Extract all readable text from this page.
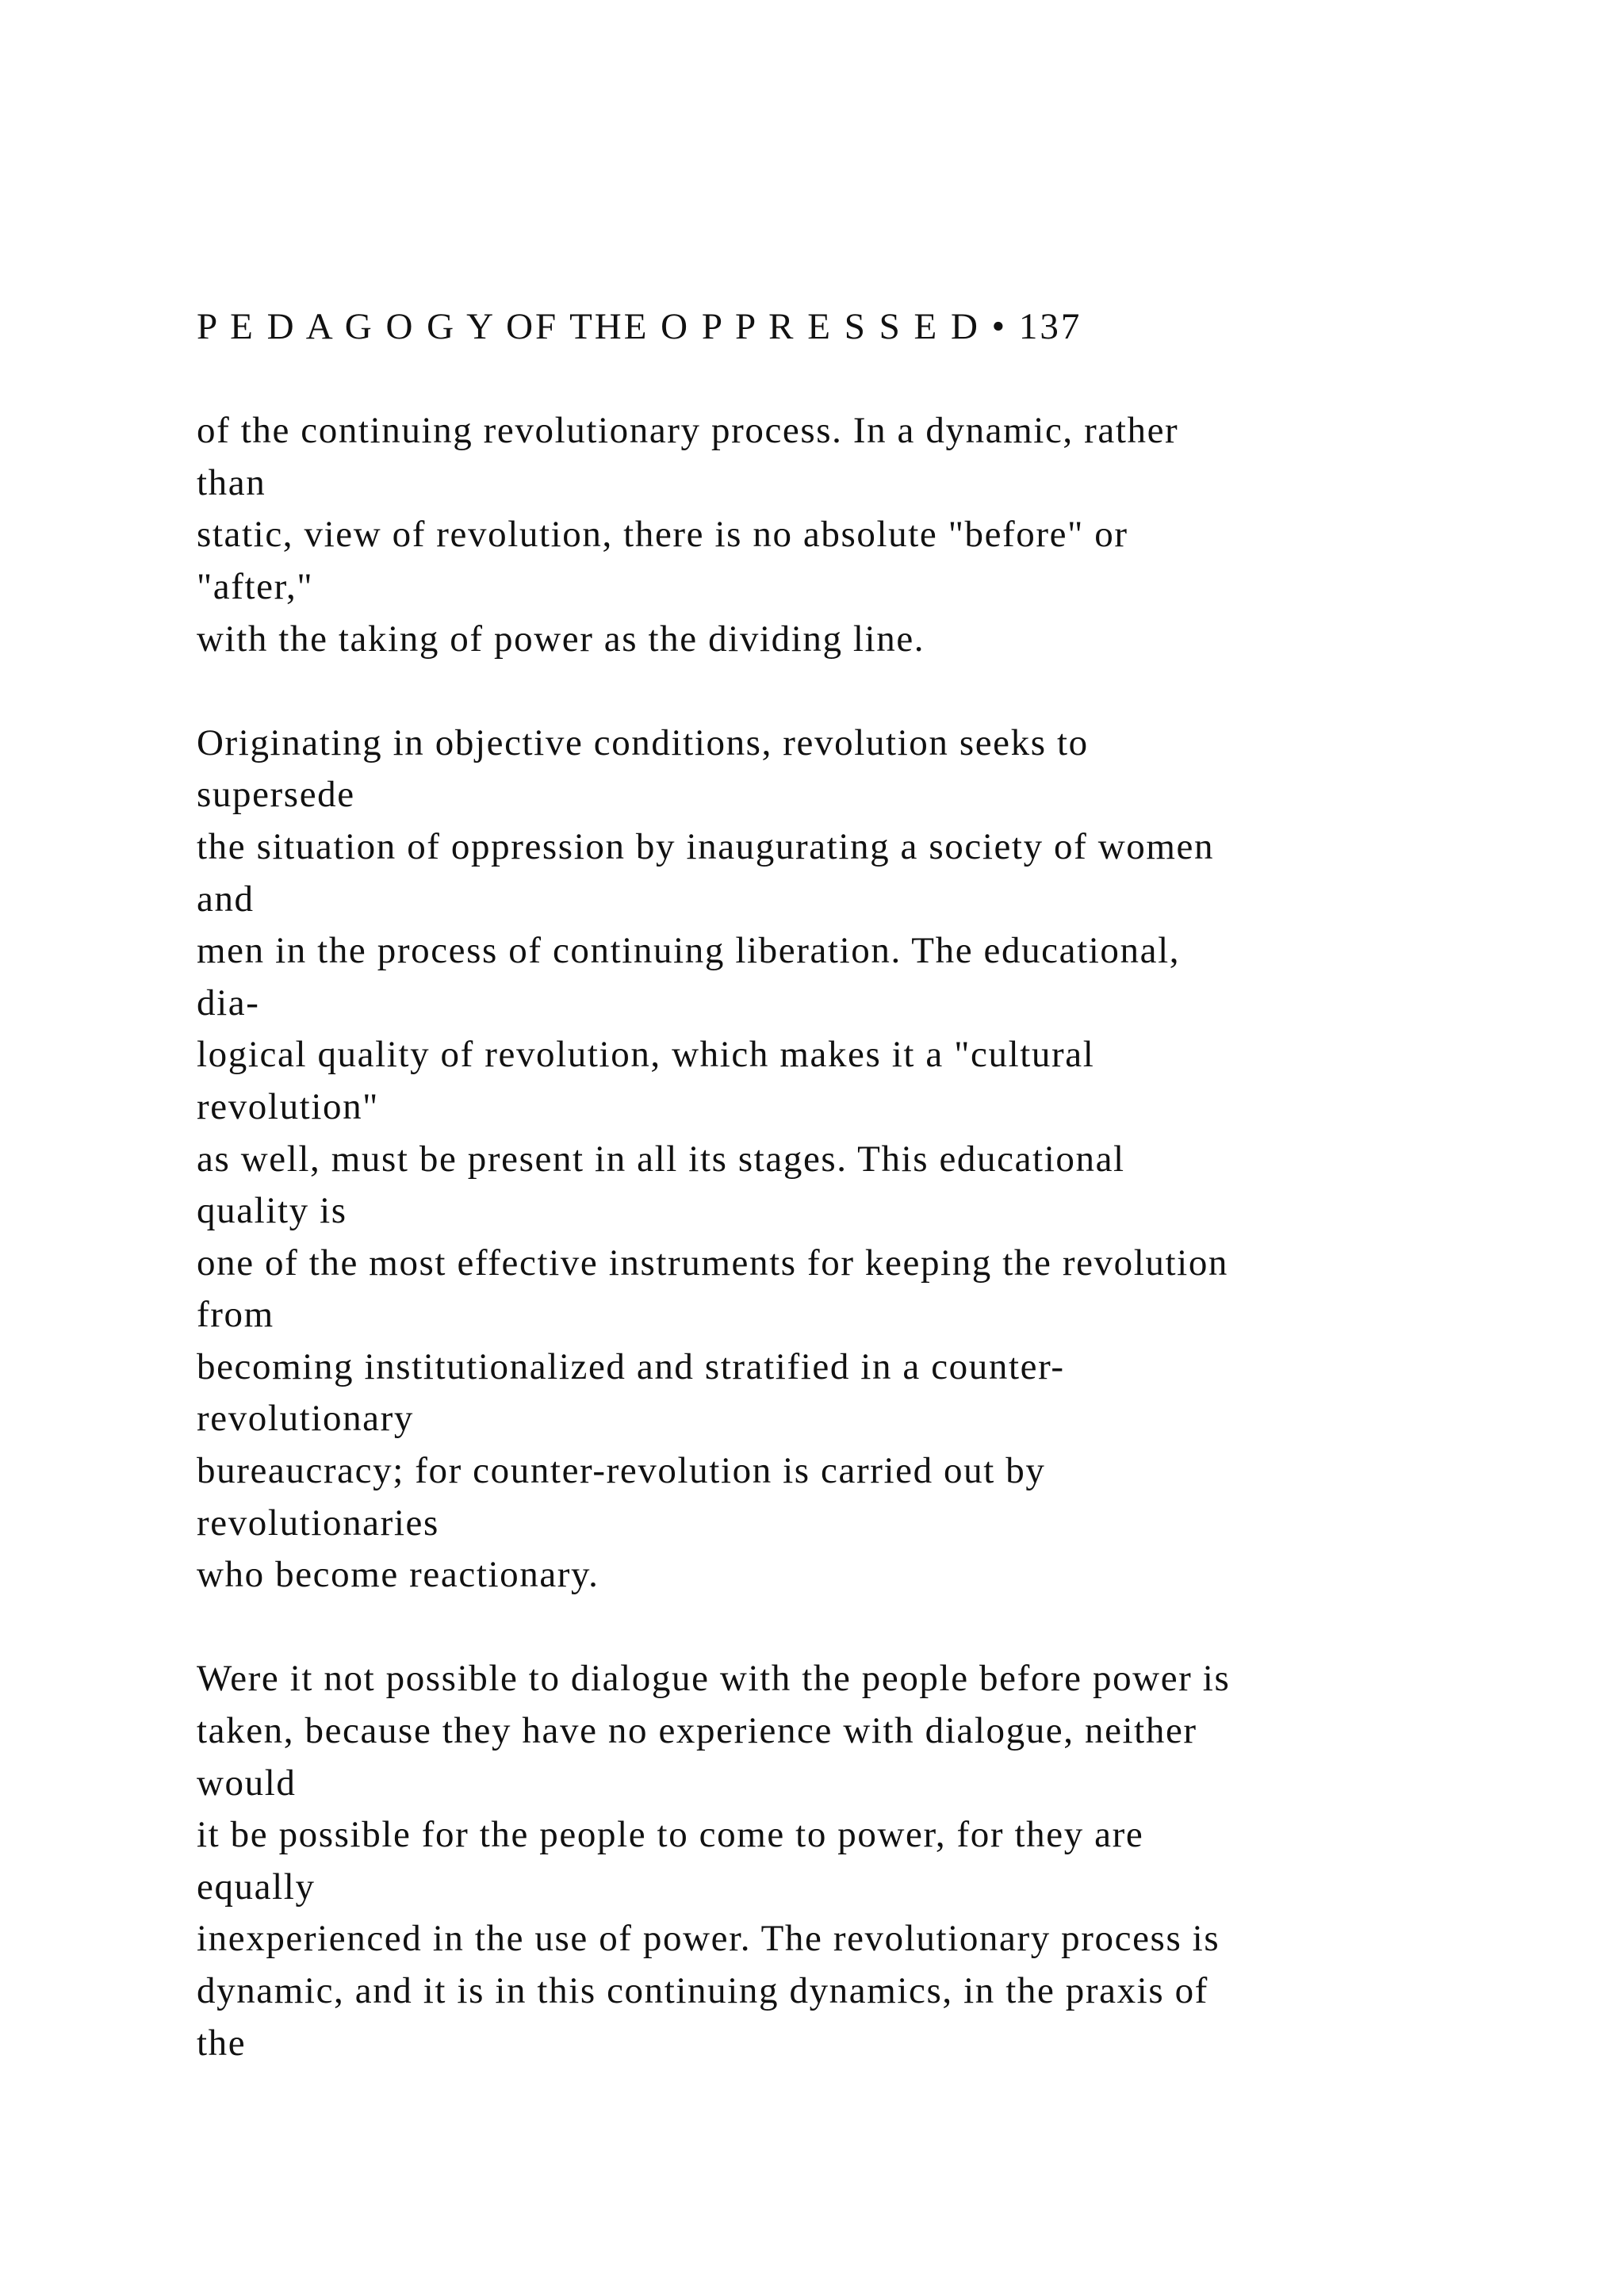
P E D A G O G Y OF THE O P P R E S S E D • 137
of the continuing revolutionary process. In a dynamic, rather
than
static, view of revolution, there is no absolute "before" or
"after,"
with the taking of power as the dividing line.
Originating in objective conditions, revolution seeks to
supersede
the situation of oppression by inaugurating a society of women
and
men in the process of continuing liberation. The educational,
dia-
logical quality of revolution, which makes it a "cultural
revolution"
as well, must be present in all its stages. This educational
quality is
one of the most effective instruments for keeping the revolution
from
becoming institutionalized and stratified in a counter-
revolutionary
bureaucracy; for counter-revolution is carried out by
revolutionaries
who become reactionary.
Were it not possible to dialogue with the people before power is
taken, because they have no experience with dialogue, neither
would
it be possible for the people to come to power, for they are
equally
inexperienced in the use of power. The revolutionary process is
dynamic, and it is in this continuing dynamics, in the praxis of
the
